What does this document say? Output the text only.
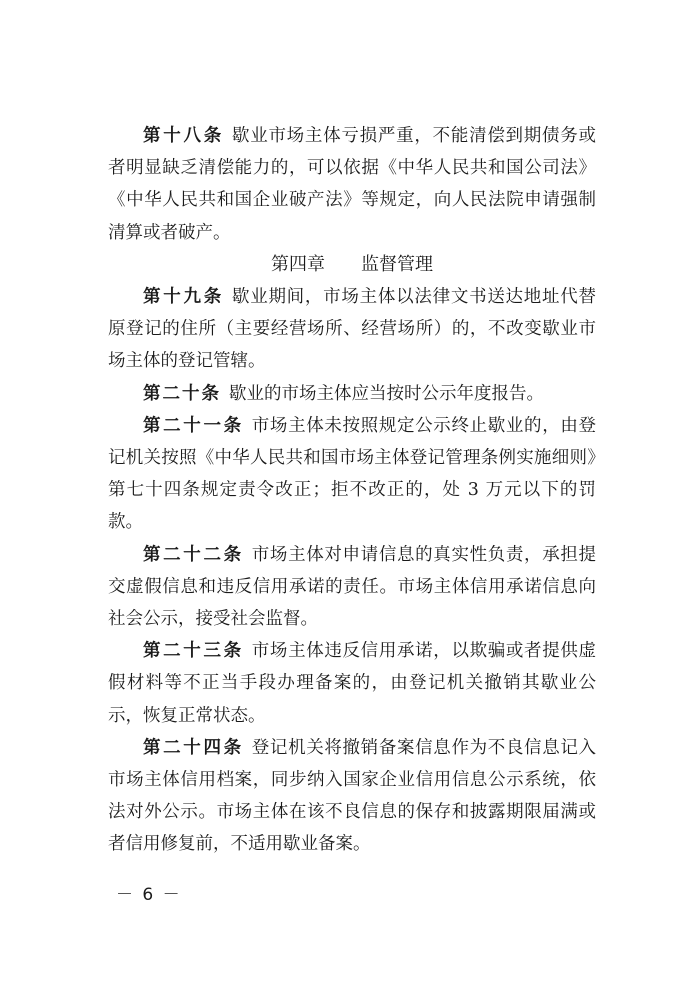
第十八条 歇业市场主体亏损严重，不能清偿到期债务或者明显缺乏清偿能力的，可以依据《中华人民共和国公司法》《中华人民共和国企业破产法》等规定，向人民法院申请强制清算或者破产。

第四章 监督管理

第十九条 歇业期间，市场主体以法律文书送达地址代替原登记的住所（主要经营场所、经营场所）的，不改变歇业市场主体的登记管辖。

第二十条 歇业的市场主体应当按时公示年度报告。

第二十一条 市场主体未按照规定公示终止歇业的，由登记机关按照《中华人民共和国市场主体登记管理条例实施细则》第七十四条规定责令改正；拒不改正的，处 3 万元以下的罚款。

第二十二条 市场主体对申请信息的真实性负责，承担提交虚假信息和违反信用承诺的责任。市场主体信用承诺信息向社会公示，接受社会监督。

第二十三条 市场主体违反信用承诺，以欺骗或者提供虚假材料等不正当手段办理备案的，由登记机关撤销其歇业公示，恢复正常状态。

第二十四条 登记机关将撤销备案信息作为不良信息记入市场主体信用档案，同步纳入国家企业信用信息公示系统，依法对外公示。市场主体在该不良信息的保存和披露期限届满或者信用修复前，不适用歇业备案。

－ 6 －
